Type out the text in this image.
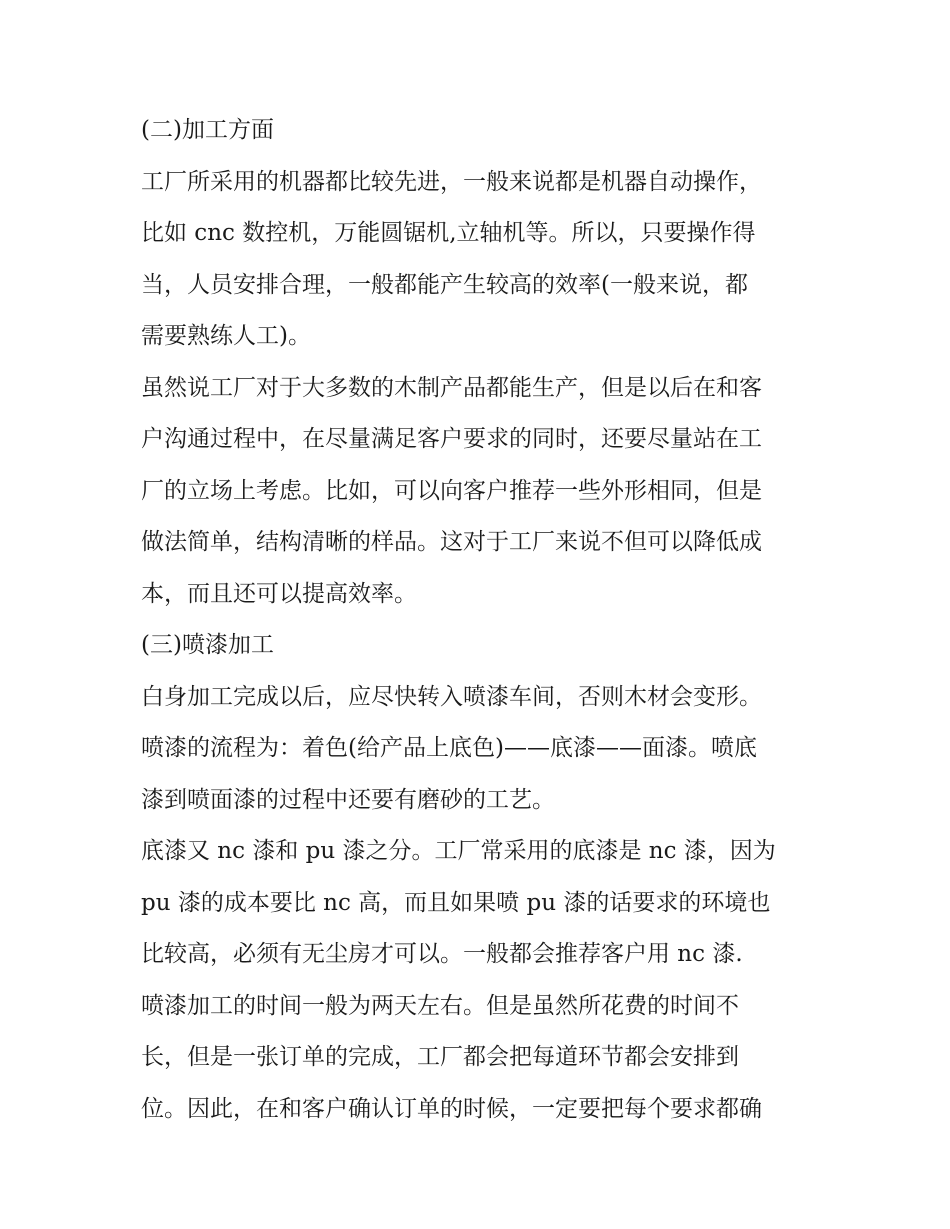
(二)加工方面
工厂所采用的机器都比较先进，一般来说都是机器自动操作，
比如 cnc 数控机，万能圆锯机,立轴机等。所以，只要操作得
当，人员安排合理，一般都能产生较高的效率(一般来说，都
需要熟练人工)。
虽然说工厂对于大多数的木制产品都能生产，但是以后在和客
户沟通过程中，在尽量满足客户要求的同时，还要尽量站在工
厂的立场上考虑。比如，可以向客户推荐一些外形相同，但是
做法简单，结构清晰的样品。这对于工厂来说不但可以降低成
本，而且还可以提高效率。
(三)喷漆加工
白身加工完成以后，应尽快转入喷漆车间，否则木材会变形。
喷漆的流程为：着色(给产品上底色)——底漆——面漆。喷底
漆到喷面漆的过程中还要有磨砂的工艺。
底漆又 nc 漆和 pu 漆之分。工厂常采用的底漆是 nc 漆，因为
pu 漆的成本要比 nc 高，而且如果喷 pu 漆的话要求的环境也
比较高，必须有无尘房才可以。一般都会推荐客户用 nc 漆.
喷漆加工的时间一般为两天左右。但是虽然所花费的时间不
长，但是一张订单的完成，工厂都会把每道环节都会安排到
位。因此，在和客户确认订单的时候，一定要把每个要求都确
